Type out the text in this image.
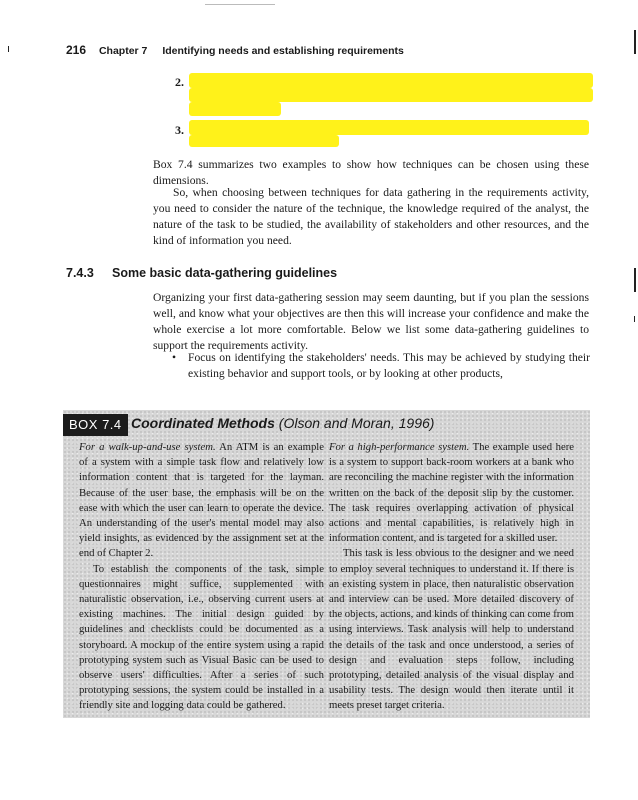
216 Chapter 7 Identifying needs and establishing requirements
2.
3.

Box 7.4 summarizes two examples to show how techniques can be chosen using these dimensions.

So, when choosing between techniques for data gathering in the requirements activity, you need to consider the nature of the technique, the knowledge required of the analyst, the nature of the task to be studied, the availability of stakeholders and other resources, and the kind of information you need.

7.4.3 Some basic data-gathering guidelines

Organizing your first data-gathering session may seem daunting, but if you plan the sessions well, and know what your objectives are then this will increase your confidence and make the whole exercise a lot more comfortable. Below we list some data-gathering guidelines to support the requirements activity.

• Focus on identifying the stakeholders' needs. This may be achieved by studying their existing behavior and support tools, or by looking at other products,
BOX 7.4 Coordinated Methods (Olson and Moran, 1996)

For a walk-up-and-use system. An ATM is an example of a system with a simple task flow and relatively low information content that is targeted for the layman. Because of the user base, the emphasis will be on the ease with which the user can learn to operate the device. An understanding of the user's mental model may also yield insights, as evidenced by the assignment set at the end of Chapter 2.

To establish the components of the task, simple questionnaires might suffice, supplemented with naturalistic observation, i.e., observing current users at existing machines. The initial design guided by guidelines and checklists could be documented as a storyboard. A mockup of the entire system using a rapid prototyping system such as Visual Basic can be used to observe users' difficulties. After a series of such prototyping sessions, the system could be installed in a friendly site and logging data could be gathered.

For a high-performance system. The example used here is a system to support back-room workers at a bank who are reconciling the machine register with the information written on the back of the deposit slip by the customer. The task requires overlapping activation of physical actions and mental capabilities, is relatively high in information content, and is targeted for a skilled user.

This task is less obvious to the designer and we need to employ several techniques to understand it. If there is an existing system in place, then naturalistic observation and interview can be used. More detailed discovery of the objects, actions, and kinds of thinking can come from using interviews. Task analysis will help to understand the details of the task and once understood, a series of design and evaluation steps follow, including prototyping, detailed analysis of the visual display and usability tests. The design would then iterate until it meets preset target criteria.
